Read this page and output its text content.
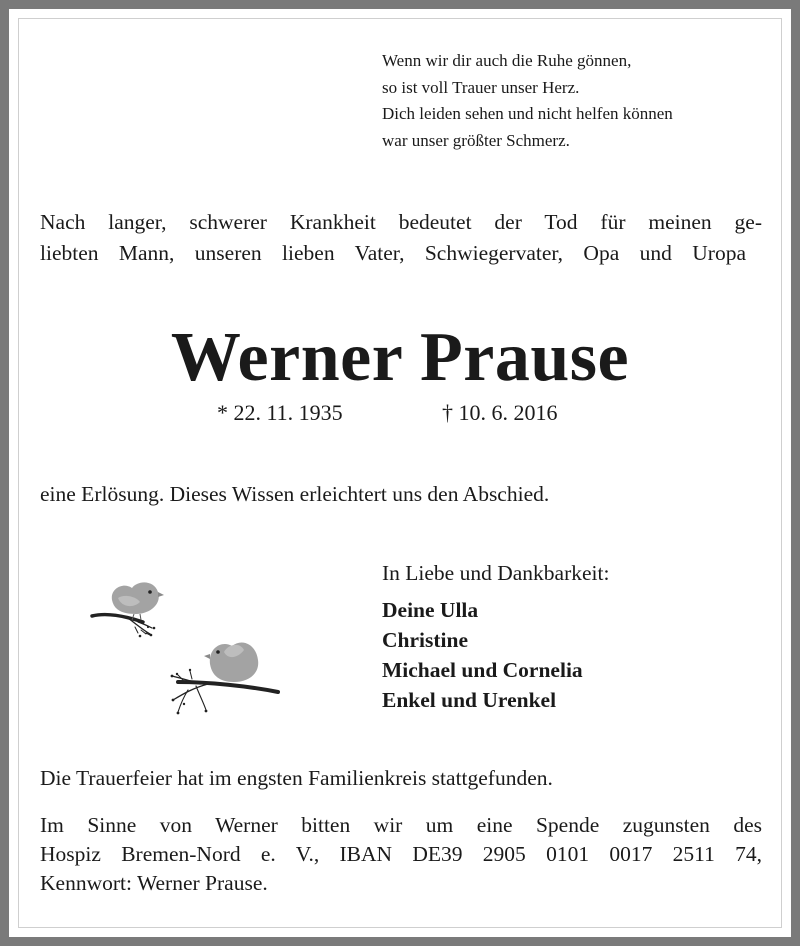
Wenn wir dir auch die Ruhe gönnen,
so ist voll Trauer unser Herz.
Dich leiden sehen und nicht helfen können
war unser größter Schmerz.
Nach langer, schwerer Krankheit bedeutet der Tod für meinen ge-
liebten Mann, unseren lieben Vater, Schwiegervater, Opa und Uropa
Werner Prause
* 22. 11. 1935	† 10. 6. 2016
eine Erlösung. Dieses Wissen erleichtert uns den Abschied.
In Liebe und Dankbarkeit:
Deine Ulla
Christine
Michael und Cornelia
Enkel und Urenkel
Die Trauerfeier hat im engsten Familienkreis stattgefunden.
Im Sinne von Werner bitten wir um eine Spende zugunsten des
Hospiz Bremen-Nord e. V., IBAN DE39 2905 0101 0017 2511 74,
Kennwort: Werner Prause.
